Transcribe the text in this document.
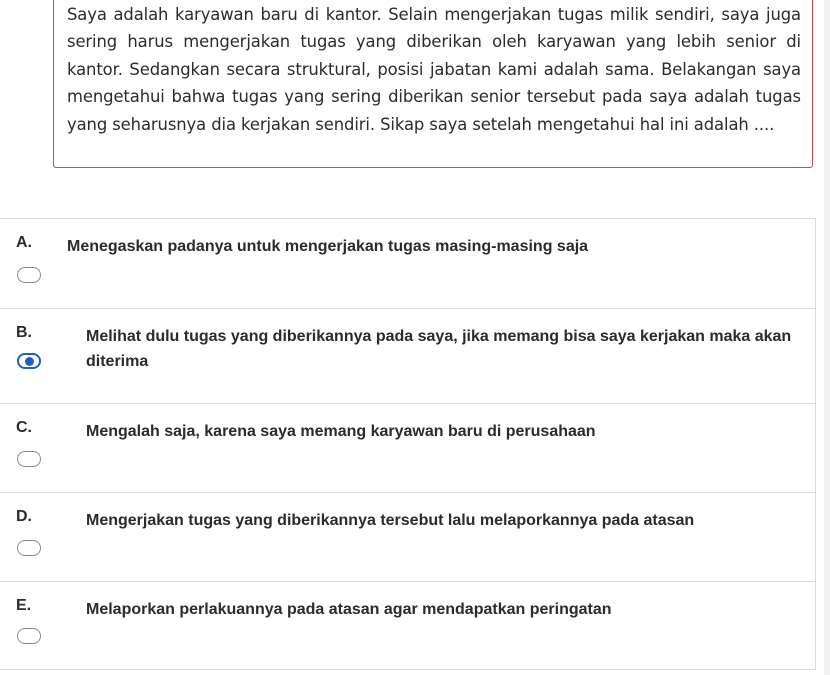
Saya adalah karyawan baru di kantor. Selain mengerjakan tugas milik sendiri, saya juga sering harus mengerjakan tugas yang diberikan oleh karyawan yang lebih senior di kantor. Sedangkan secara struktural, posisi jabatan kami adalah sama. Belakangan saya mengetahui bahwa tugas yang sering diberikan senior tersebut pada saya adalah tugas yang seharusnya dia kerjakan sendiri. Sikap saya setelah mengetahui hal ini adalah ....

A. Menegaskan padanya untuk mengerjakan tugas masing-masing saja
B.	Melihat dulu tugas yang diberikannya pada saya, jika memang bisa saya kerjakan maka akan diterima
C.	Mengalah saja, karena saya memang karyawan baru di perusahaan
D.	Mengerjakan tugas yang diberikannya tersebut lalu melaporkannya pada atasan
E.	Melaporkan perlakuannya pada atasan agar mendapatkan peringatan
